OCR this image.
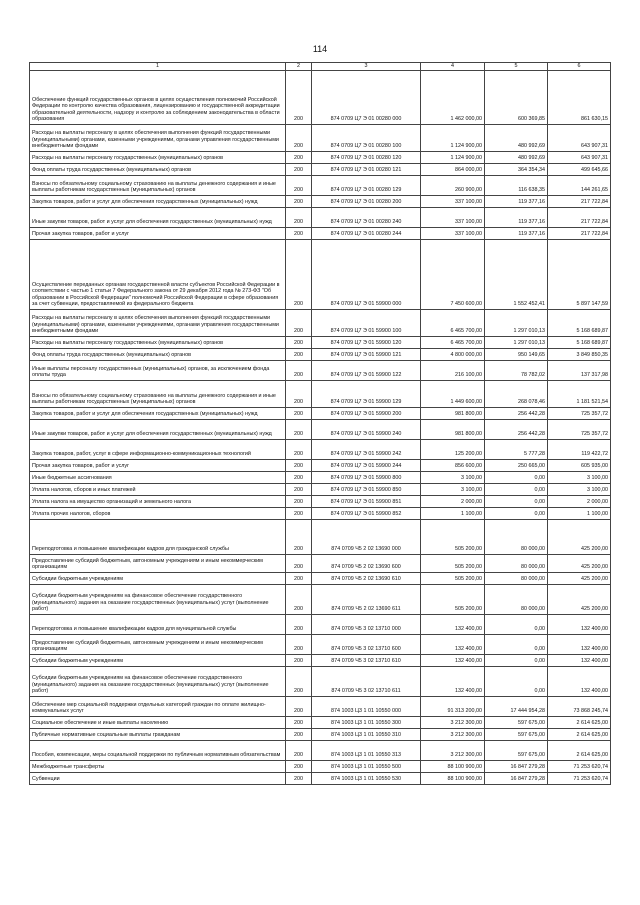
114
1	2	3	4	5	6
Обеспечение функций государственных органов в целях осуществления полномочий Российской Федерации по контролю качества образования, лицензированию и государственной аккредитации образовательной деятельности, надзору и контролю за соблюдением законодательства в области образования	200	874 0709 Ц7 Э 01 00280 000	1 462 000,00	600 369,85	861 630,15
Расходы на выплаты персоналу в целях обеспечения выполнения функций государственными (муниципальными) органами, казенными учреждениями, органами управления государственными внебюджетными фондами	200	874 0709 Ц7 Э 01 00280 100	1 124 900,00	480 992,69	643 907,31
Расходы на выплаты персоналу государственных (муниципальных) органов	200	874 0709 Ц7 Э 01 00280 120	1 124 900,00	480 992,69	643 907,31
Фонд оплаты труда государственных (муниципальных) органов	200	874 0709 Ц7 Э 01 00280 121	864 000,00	364 354,34	499 645,66
Взносы по обязательному социальному страхованию на выплаты денежного содержания и иные выплаты работникам государственных (муниципальных) органов	200	874 0709 Ц7 Э 01 00280 129	260 900,00	116 638,35	144 261,65
Закупка товаров, работ и услуг для обеспечения государственных (муниципальных) нужд	200	874 0709 Ц7 Э 01 00280 200	337 100,00	119 377,16	217 722,84
Иные закупки товаров, работ и услуг для обеспечения государственных (муниципальных) нужд	200	874 0709 Ц7 Э 01 00280 240	337 100,00	119 377,16	217 722,84
Прочая закупка товаров, работ и услуг	200	874 0709 Ц7 Э 01 00280 244	337 100,00	119 377,16	217 722,84
Осуществление переданных органам государственной власти субъектов Российской Федерации в соответствии с частью 1 статьи 7 Федерального закона от 29 декабря 2012 года № 273-ФЗ "Об образовании в Российской Федерации" полномочий Российской Федерации в сфере образования за счет субвенции, предоставляемой из федерального бюджета	200	874 0709 Ц7 Э 01 59900 000	7 450 600,00	1 552 452,41	5 897 147,59
Расходы на выплаты персоналу в целях обеспечения выполнения функций государственными (муниципальными) органами, казенными учреждениями, органами управления государственными внебюджетными фондами	200	874 0709 Ц7 Э 01 59900 100	6 465 700,00	1 297 010,13	5 168 689,87
Расходы на выплаты персоналу государственных (муниципальных) органов	200	874 0709 Ц7 Э 01 59900 120	6 465 700,00	1 297 010,13	5 168 689,87
Фонд оплаты труда государственных (муниципальных) органов	200	874 0709 Ц7 Э 01 59900 121	4 800 000,00	950 149,65	3 849 850,35
Иные выплаты персоналу государственных (муниципальных) органов, за исключением фонда оплаты труда	200	874 0709 Ц7 Э 01 59900 122	216 100,00	78 782,02	137 317,98
Взносы по обязательному социальному страхованию на выплаты денежного содержания и иные выплаты работникам государственных (муниципальных) органов	200	874 0709 Ц7 Э 01 59900 129	1 449 600,00	268 078,46	1 181 521,54
Закупка товаров, работ и услуг для обеспечения государственных (муниципальных) нужд	200	874 0709 Ц7 Э 01 59900 200	981 800,00	256 442,28	725 357,72
Иные закупки товаров, работ и услуг для обеспечения государственных (муниципальных) нужд	200	874 0709 Ц7 Э 01 59900 240	981 800,00	256 442,28	725 357,72
Закупка товаров, работ, услуг в сфере информационно-коммуникационных технологий	200	874 0709 Ц7 Э 01 59900 242	125 200,00	5 777,28	119 422,72
Прочая закупка товаров, работ и услуг	200	874 0709 Ц7 Э 01 59900 244	856 600,00	250 665,00	605 935,00
Иные бюджетные ассигнования	200	874 0709 Ц7 Э 01 59900 800	3 100,00	0,00	3 100,00
Уплата налогов, сборов и иных платежей	200	874 0709 Ц7 Э 01 59900 850	3 100,00	0,00	3 100,00
Уплата налога на имущество организаций и земельного налога	200	874 0709 Ц7 Э 01 59900 851	2 000,00	0,00	2 000,00
Уплата прочих налогов, сборов	200	874 0709 Ц7 Э 01 59900 852	1 100,00	0,00	1 100,00
Переподготовка и повышение квалификации кадров для гражданской службы	200	874 0709 Ч5 2 02 13690 000	505 200,00	80 000,00	425 200,00
Предоставление субсидий бюджетным, автономным учреждениям и иным некоммерческим организациям	200	874 0709 Ч5 2 02 13690 600	505 200,00	80 000,00	425 200,00
Субсидии бюджетным учреждениям	200	874 0709 Ч5 2 02 13690 610	505 200,00	80 000,00	425 200,00
Субсидии бюджетным учреждениям на финансовое обеспечение государственного (муниципального) задания на оказание государственных (муниципальных) услуг (выполнение работ)	200	874 0709 Ч5 2 02 13690 611	505 200,00	80 000,00	425 200,00
Переподготовка и повышение квалификации кадров для муниципальной службы	200	874 0709 Ч5 3 02 13710 000	132 400,00	0,00	132 400,00
Предоставление субсидий бюджетным, автономным учреждениям и иным некоммерческим организациям	200	874 0709 Ч5 3 02 13710 600	132 400,00	0,00	132 400,00
Субсидии бюджетным учреждениям	200	874 0709 Ч5 3 02 13710 610	132 400,00	0,00	132 400,00
Субсидии бюджетным учреждениям на финансовое обеспечение государственного (муниципального) задания на оказание государственных (муниципальных) услуг (выполнение работ)	200	874 0709 Ч5 3 02 13710 611	132 400,00	0,00	132 400,00
Обеспечение мер социальной поддержки отдельных категорий граждан по оплате жилищно-коммунальных услуг	200	874 1003 Ц3 1 01 10550 000	91 313 200,00	17 444 954,28	73 868 245,74
Социальное обеспечение и иные выплаты населению	200	874 1003 Ц3 1 01 10550 300	3 212 300,00	597 675,00	2 614 625,00
Публичные нормативные социальные выплаты гражданам	200	874 1003 Ц3 1 01 10550 310	3 212 300,00	597 675,00	2 614 625,00
Пособия, компенсации, меры социальной поддержки по публичным нормативным обязательствам	200	874 1003 Ц3 1 01 10550 313	3 212 300,00	597 675,00	2 614 625,00
Межбюджетные трансферты	200	874 1003 Ц3 1 01 10550 500	88 100 900,00	16 847 279,28	71 253 620,74
Субвенции	200	874 1003 Ц3 1 01 10550 530	88 100 900,00	16 847 279,28	71 253 620,74
